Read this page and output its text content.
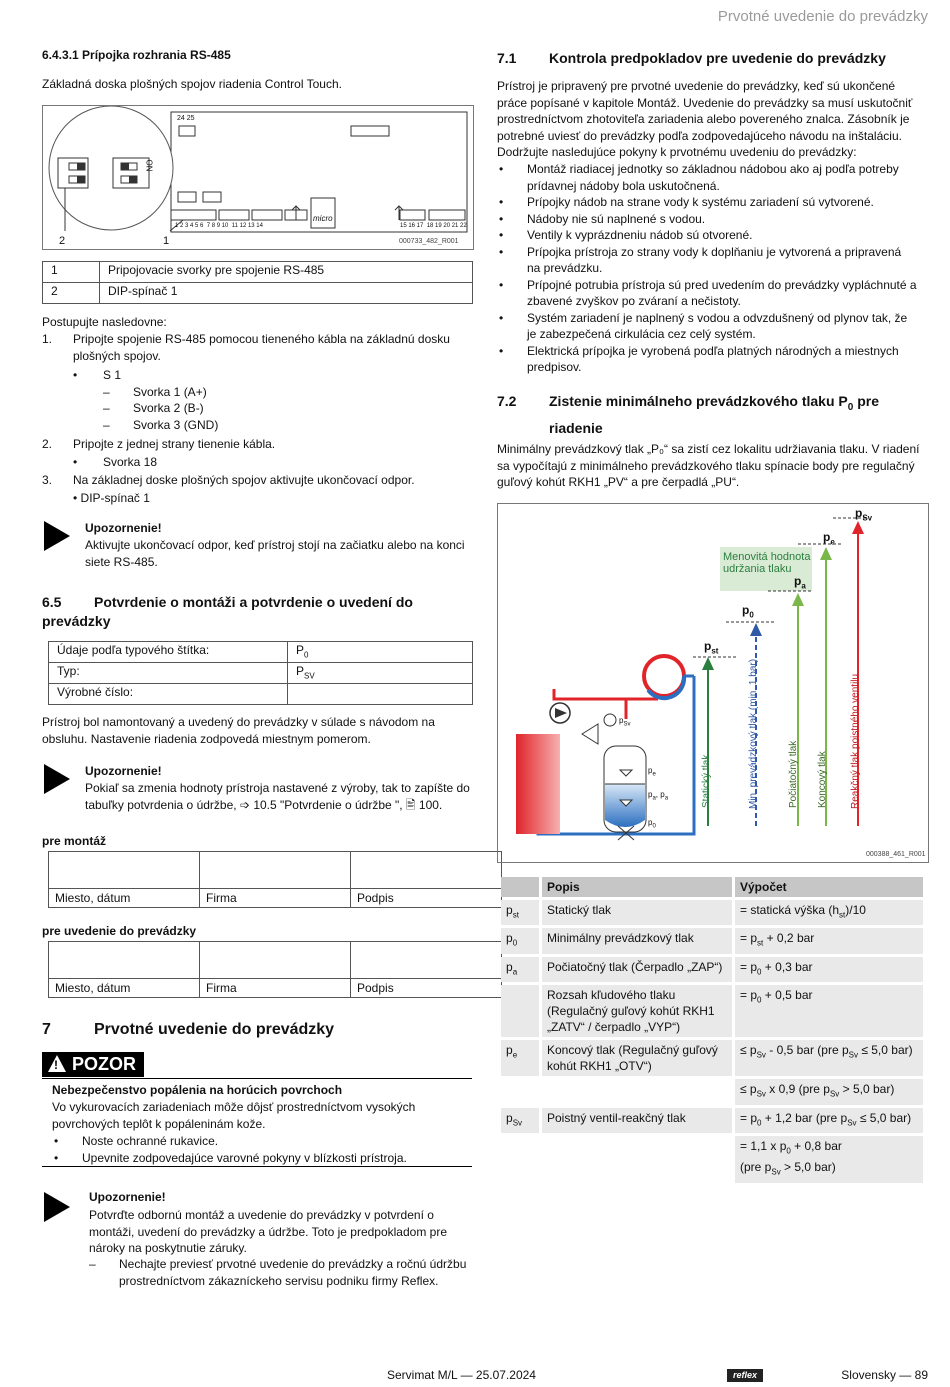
Prvotné uvedenie do prevádzky
6.4.3.1 Prípojka rozhrania RS-485
Základná doska plošných spojov riadenia Control Touch.
24 25
micro
1 2 3 4 5 6  7 8 9 10  11 12 13 14	15 16 17  18 19 20 21 22
2	1	000733_482_R001
ON
1	Pripojovacie svorky pre spojenie RS-485
2	DIP-spínač 1
Postupujte nasledovne:
1. Pripojte spojenie RS-485 pomocou tieneného kábla na základnú dosku plošných spojov.
• S 1
– Svorka 1 (A+)
– Svorka 2 (B-)
– Svorka 3 (GND)
2. Pripojte z jednej strany tienenie kábla.
• Svorka 18
3. Na základnej doske plošných spojov aktivujte ukončovací odpor.
• DIP-spínač 1
Upozornenie!
Aktivujte ukončovací odpor, keď prístroj stojí na začiatku alebo na konci siete RS-485.
6.5 Potvrdenie o montáži a potvrdenie o uvedení do prevádzky
Údaje podľa typového štítka:	$P_0$
Typ:	$P_{SV}$
Výrobné číslo:	
Prístroj bol namontovaný a uvedený do prevádzky v súlade s návodom na obsluhu. Nastavenie riadenia zodpovedá miestnym pomerom.
Upozornenie!
Pokiaľ sa zmenia hodnoty prístroja nastavené z výroby, tak to zapíšte do tabuľky potvrdenia o údržbe, ➩ 10.5 "Potvrdenie o údržbe ", 🖹 100.
pre montáž

Miesto, dátum	Firma	Podpis
pre uvedenie do prevádzky

Miesto, dátum	Firma	Podpis
7	Prvotné uvedenie do prevádzky
! POZOR
Nebezpečenstvo popálenia na horúcich povrchoch
Vo vykurovacích zariadeniach môže dôjsť prostredníctvom vysokých povrchových teplôt k popáleninám kože.
• Noste ochranné rukavice.
• Upevnite zodpovedajúce varovné pokyny v blízkosti prístroja.
Upozornenie!
Potvrďte odbornú montáž a uvedenie do prevádzky v potvrdení o montáži, uvedení do prevádzky a údržbe. Toto je predpokladom pre nároky na poskytnutie záruky.
– Nechajte previesť prvotné uvedenie do prevádzky a ročnú údržbu prostredníctvom zákazníckeho servisu podniku firmy Reflex.
7.1 Kontrola predpokladov pre uvedenie do prevádzky
Prístroj je pripravený pre prvotné uvedenie do prevádzky, keď sú ukončené práce popísané v kapitole Montáž. Uvedenie do prevádzky sa musí uskutočniť prostredníctvom zhotoviteľa zariadenia alebo povereného znalca. Zásobník je potrebné uviesť do prevádzky podľa zodpovedajúceho návodu na inštaláciu. Dodržujte nasledujúce pokyny k prvotnému uvedeniu do prevádzky:
• Montáž riadiacej jednotky so základnou nádobou ako aj podľa potreby prídavnej nádoby bola uskutočnená.
• Prípojky nádob na strane vody k systému zariadení sú vytvorené.
• Nádoby nie sú naplnené s vodou.
• Ventily k vyprázdneniu nádob sú otvorené.
• Prípojka prístroja zo strany vody k doplňaniu je vytvorená a pripravená na prevádzku.
• Prípojné potrubia prístroja sú pred uvedením do prevádzky vypláchnuté a zbavené zvyškov po zváraní a nečistoty.
• Systém zariadení je naplnený s vodou a odvzdušnený od plynov tak, že je zabezpečená cirkulácia cez celý systém.
• Elektrická prípojka je vyrobená podľa platných národných a miestnych predpisov.
7.2	Zistenie minimálneho prevádzkového tlaku $P_0$ pre riadenie
Minimálny prevádzkový tlak „P₀“ sa zistí cez lokalitu udržiavania tlaku. V riadení sa vypočítajú z minimálneho prevádzkového tlaku spínacie body pre regulačný guľový kohút RKH1 „PV“ a pre čerpadlá „PU“.
Menovitá hodnota udržania tlaku
$p_{Sv}$
$p_e$
$p_a$
$p_0$
$p_{st}$
Statický tlak	Min. prevádzkový tlak (min. 1 bar)	Počiatočný tlak Koncový tlak Reakčný tlak poistného ventilu
$p_{Sv}$
$p_e$
$p_a$, $p_a$
$p_0$
000388_461_R001
	Popis	Výpočet
$p_{st}$	Statický tlak	= statická výška $(h_{st})/10$
$p_0$	Minimálny prevádzkový tlak	= $p_{st} + 0,2$ bar
$p_a$	Počiatočný tlak (Čerpadlo „ZAP“)	= $p_0 + 0,3$ bar
	Rozsah kľudového tlaku (Regulačný guľový kohút RKH1 „ZATV“ / čerpadlo „VYP“)	= $p_0 + 0,5$ bar
$p_e$	Koncový tlak (Regulačný guľový kohút RKH1 „OTV“)	≤ $p_{Sv} - 0,5$ bar (pre $p_{Sv} \le 5,0$ bar)
		≤ $p_{Sv}$ x 0,9 (pre $p_{Sv} > 5,0$ bar)
$p_{Sv}$	Poistný ventil-reakčný tlak	= $p_0 + 1,2$ bar (pre $p_{Sv} \le 5,0$ bar)
		= 1,1 x $p_0 + 0,8$ bar
(pre $p_{Sv} > 5,0$ bar)
Servimat M/L — 25.07.2024	reflex	Slovensky — 89
